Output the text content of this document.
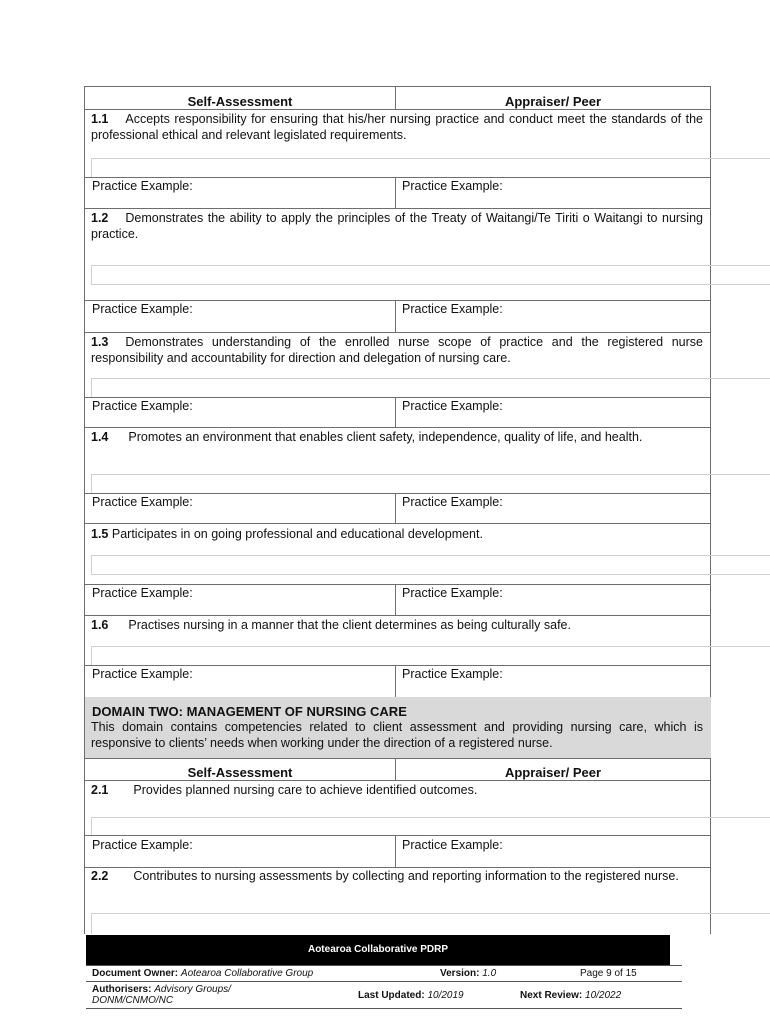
Self-Assessment	Appraiser/ Peer
1.1 Accepts responsibility for ensuring that his/her nursing practice and conduct meet the standards of the professional ethical and relevant legislated requirements.
Practice Example:	Practice Example:
1.2 Demonstrates the ability to apply the principles of the Treaty of Waitangi/Te Tiriti o Waitangi to nursing practice.
Practice Example:	Practice Example:
1.3 Demonstrates understanding of the enrolled nurse scope of practice and the registered nurse responsibility and accountability for direction and delegation of nursing care.
Practice Example:	Practice Example:
1.4 Promotes an environment that enables client safety, independence, quality of life, and health.
Practice Example:	Practice Example:
1.5 Participates in on going professional and educational development.
Practice Example:	Practice Example:
1.6 Practises nursing in a manner that the client determines as being culturally safe.
Practice Example:	Practice Example:
DOMAIN TWO: MANAGEMENT OF NURSING CARE
This domain contains competencies related to client assessment and providing nursing care, which is responsive to clients’ needs when working under the direction of a registered nurse.
Self-Assessment	Appraiser/ Peer
2.1 Provides planned nursing care to achieve identified outcomes.
Practice Example:	Practice Example:
2.2 Contributes to nursing assessments by collecting and reporting information to the registered nurse.
Aotearoa Collaborative PDRP
Document Owner: Aotearoa Collaborative Group	Version: 1.0	Page 9 of 15
Authorisers: Advisory Groups/ DONM/CNMO/NC	Last Updated: 10/2019	Next Review: 10/2022
